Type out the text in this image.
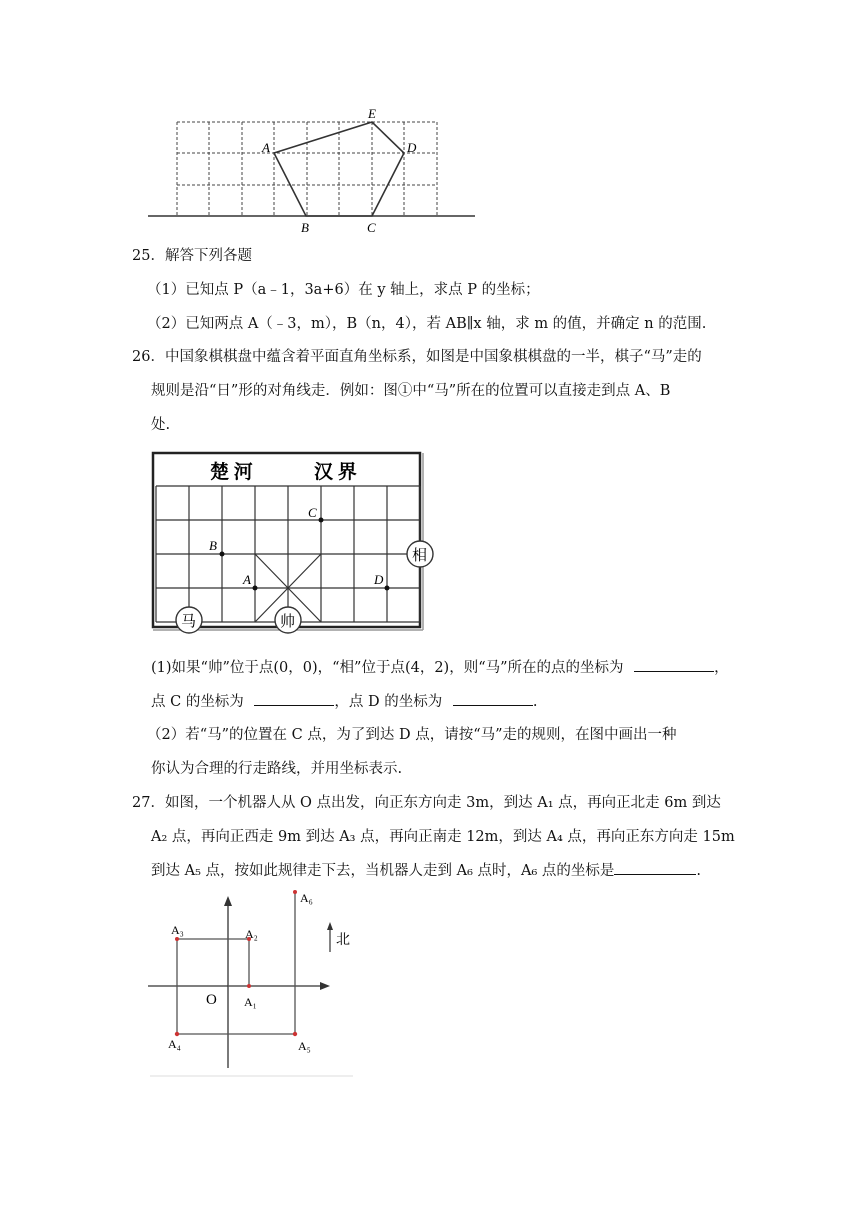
A
E
D
B	C
25．解答下列各题
（1）已知点 P（a﹣1，3a+6）在 y 轴上，求点 P 的坐标；
（2）已知两点 A（﹣3，m），B（n，4），若 AB∥x 轴，求 m 的值，并确定 n 的范围.
26．中国象棋棋盘中蕴含着平面直角坐标系，如图是中国象棋棋盘的一半，棋子“马”走的
规则是沿“日”形的对角线走．例如：图①中“马”所在的位置可以直接走到点 A、B
处.
楚 河	汉 界
B
A
C
D
马	帅
相
(1)如果“帅”位于点(0，0)，“相”位于点(4，2)，则“马”所在的点的坐标为	，
点 C 的坐标为	，点 D 的坐标为	.
（2）若“马”的位置在 C 点，为了到达 D 点，请按“马”走的规则，在图中画出一种
你认为合理的行走路线，并用坐标表示.
27．如图，一个机器人从 O 点出发，向正东方向走 3m，到达 A₁ 点，再向正北走 6m 到达
A₂ 点，再向正西走 9m 到达 A₃ 点，再向正南走 12m，到达 A₄ 点，再向正东方向走 15m
到达 A₅ 点，按如此规律走下去，当机器人走到 A₆ 点时，A₆ 点的坐标是	.
北
O A₁
A₂
A₃
A₄	A₅
A₆
